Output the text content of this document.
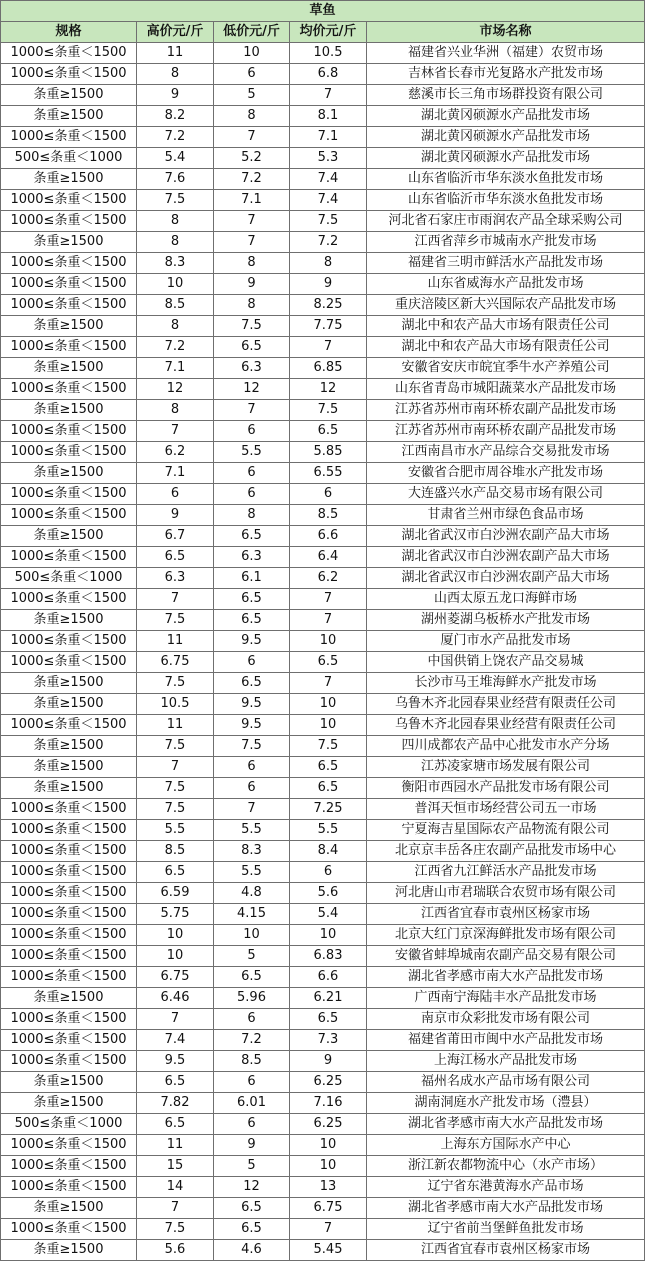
草鱼				
规格	高价元/斤	低价元/斤	均价元/斤	市场名称
1000≤条重＜1500	11	10	10.5	福建省兴业华洲（福建）农贸市场
1000≤条重＜1500	8	6	6.8	吉林省长春市光复路水产批发市场
条重≥1500	9	5	7	慈溪市长三角市场群投资有限公司
条重≥1500	8.2	8	8.1	湖北黄冈硕源水产品批发市场
1000≤条重＜1500	7.2	7	7.1	湖北黄冈硕源水产品批发市场
500≤条重＜1000	5.4	5.2	5.3	湖北黄冈硕源水产品批发市场
条重≥1500	7.6	7.2	7.4	山东省临沂市华东淡水鱼批发市场
1000≤条重＜1500	7.5	7.1	7.4	山东省临沂市华东淡水鱼批发市场
1000≤条重＜1500	8	7	7.5	河北省石家庄市雨润农产品全球采购公司
条重≥1500	8	7	7.2	江西省萍乡市城南水产批发市场
1000≤条重＜1500	8.3	8	8	福建省三明市鲜活水产品批发市场
1000≤条重＜1500	10	9	9	山东省威海水产品批发市场
1000≤条重＜1500	8.5	8	8.25	重庆涪陵区新大兴国际农产品批发市场
条重≥1500	8	7.5	7.75	湖北中和农产品大市场有限责任公司
1000≤条重＜1500	7.2	6.5	7	湖北中和农产品大市场有限责任公司
条重≥1500	7.1	6.3	6.85	安徽省安庆市皖宜季牛水产养殖公司
1000≤条重＜1500	12	12	12	山东省青岛市城阳蔬菜水产品批发市场
条重≥1500	8	7	7.5	江苏省苏州市南环桥农副产品批发市场
1000≤条重＜1500	7	6	6.5	江苏省苏州市南环桥农副产品批发市场
1000≤条重＜1500	6.2	5.5	5.85	江西南昌市水产品综合交易批发市场
条重≥1500	7.1	6	6.55	安徽省合肥市周谷堆水产批发市场
1000≤条重＜1500	6	6	6	大连盛兴水产品交易市场有限公司
1000≤条重＜1500	9	8	8.5	甘肃省兰州市绿色食品市场
条重≥1500	6.7	6.5	6.6	湖北省武汉市白沙洲农副产品大市场
1000≤条重＜1500	6.5	6.3	6.4	湖北省武汉市白沙洲农副产品大市场
500≤条重＜1000	6.3	6.1	6.2	湖北省武汉市白沙洲农副产品大市场
1000≤条重＜1500	7	6.5	7	山西太原五龙口海鲜市场
条重≥1500	7.5	6.5	7	湖州菱湖乌板桥水产批发市场
1000≤条重＜1500	11	9.5	10	厦门市水产品批发市场
1000≤条重＜1500	6.75	6	6.5	中国供销上饶农产品交易城
条重≥1500	7.5	6.5	7	长沙市马王堆海鲜水产批发市场
条重≥1500	10.5	9.5	10	乌鲁木齐北园春果业经营有限责任公司
1000≤条重＜1500	11	9.5	10	乌鲁木齐北园春果业经营有限责任公司
条重≥1500	7.5	7.5	7.5	四川成都农产品中心批发市水产分场
条重≥1500	7	6	6.5	江苏凌家塘市场发展有限公司
条重≥1500	7.5	6	6.5	衡阳市西园水产品批发市场有限公司
1000≤条重＜1500	7.5	7	7.25	普洱天恒市场经营公司五一市场
1000≤条重＜1500	5.5	5.5	5.5	宁夏海吉星国际农产品物流有限公司
1000≤条重＜1500	8.5	8.3	8.4	北京京丰岳各庄农副产品批发市场中心
1000≤条重＜1500	6.5	5.5	6	江西省九江鲜活水产品批发市场
1000≤条重＜1500	6.59	4.8	5.6	河北唐山市君瑞联合农贸市场有限公司
1000≤条重＜1500	5.75	4.15	5.4	江西省宜春市袁州区杨家市场
1000≤条重＜1500	10	10	10	北京大红门京深海鲜批发市场有限公司
1000≤条重＜1500	10	5	6.83	安徽省蚌埠城南农副产品交易有限公司
1000≤条重＜1500	6.75	6.5	6.6	湖北省孝感市南大水产品批发市场
条重≥1500	6.46	5.96	6.21	广西南宁海陆丰水产品批发市场
1000≤条重＜1500	7	6	6.5	南京市众彩批发市场有限公司
1000≤条重＜1500	7.4	7.2	7.3	福建省莆田市闽中水产品批发市场
1000≤条重＜1500	9.5	8.5	9	上海江杨水产品批发市场
条重≥1500	6.5	6	6.25	福州名成水产品市场有限公司
条重≥1500	7.82	6.01	7.16	湖南洞庭水产批发市场（澧县）
500≤条重＜1000	6.5	6	6.25	湖北省孝感市南大水产品批发市场
1000≤条重＜1500	11	9	10	上海东方国际水产中心
1000≤条重＜1500	15	5	10	浙江新农都物流中心（水产市场）
1000≤条重＜1500	14	12	13	辽宁省东港黄海水产品市场
条重≥1500	7	6.5	6.75	湖北省孝感市南大水产品批发市场
1000≤条重＜1500	7.5	6.5	7	辽宁省前当堡鲜鱼批发市场
条重≥1500	5.6	4.6	5.45	江西省宜春市袁州区杨家市场
